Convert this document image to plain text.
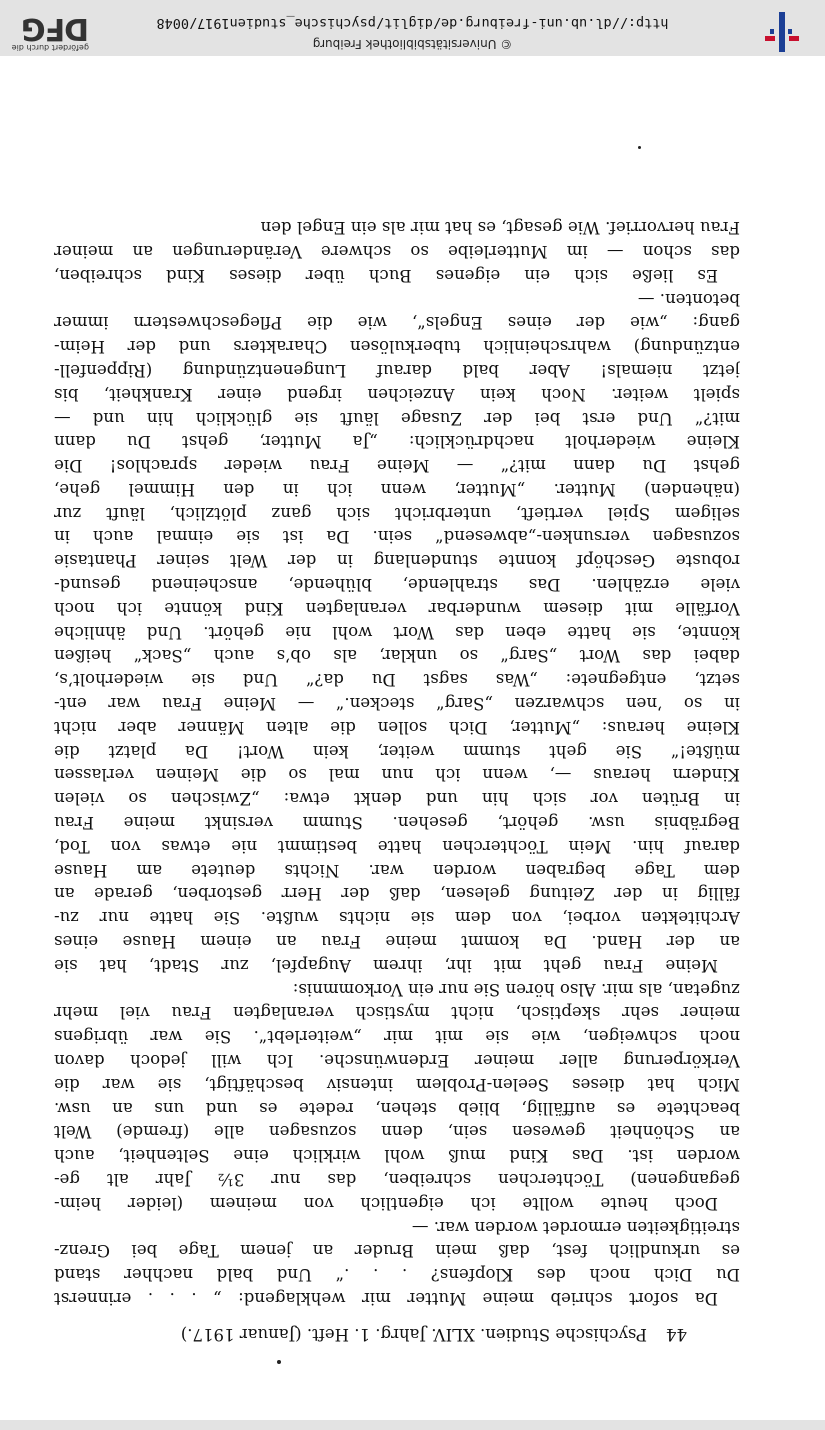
44
Psychische Studien. XLIV. Jahrg. 1. Heft. (Januar 1917.)
Da sofort schrieb meine Mutter mir wehklagend: „ . . . erinnerst
Du Dich noch des Klopfens? . . .“ Und bald nachher stand
es urkundlich fest, daß mein Bruder an jenem Tage bei Grenz-
streitigkeiten ermordet worden war. —
Doch heute wollte ich eigentlich von meinem (leider heim-
gegangenen) Töchterchen schreiben, das nur 3½ Jahr alt ge-
worden ist. Das Kind muß wohl wirklich eine Seltenheit, auch
an Schönheit gewesen sein, denn sozusagen alle (fremde) Welt
beachtete es auffällig, blieb stehen, redete es und uns an usw.
Mich hat dieses Seelen-Problem intensiv beschäftigt, sie war die
Verkörperung aller meiner Erdenwünsche. Ich will jedoch davon
noch schweigen, wie sie mit mir „weiterlebt“. Sie war übrigens
meiner sehr skeptisch, nicht mystisch veranlagten Frau viel mehr
zugetan, als mir. Also hören Sie nur ein Vorkommnis:
Meine Frau geht mit ihr, ihrem Augapfel, zur Stadt, hat sie
an der Hand. Da kommt meine Frau an einem Hause eines
Architekten vorbei, von dem sie nichts wußte. Sie hatte nur zu-
fällig in der Zeitung gelesen, daß der Herr gestorben, gerade an
dem Tage begraben worden war. Nichts deutete am Hause
darauf hin. Mein Töchterchen hatte bestimmt nie etwas von Tod,
Begräbnis usw. gehört, gesehen. Stumm versinkt meine Frau
in Brüten vor sich hin und denkt etwa: „Zwischen so vielen
Kindern heraus —, wenn ich nun mal so die Meinen verlassen
müßte!“ Sie geht stumm weiter, kein Wort! Da platzt die
Kleine heraus: „Mutter, Dich sollen die alten Männer aber nicht
in so ’nen schwarzen „Sarg“ stecken.“ — Meine Frau war ent-
setzt, entgegnete: „Was sagst Du da?“ Und sie wiederholt’s,
dabei das Wort „Sarg“ so unklar, als ob’s auch „Sack“ heißen
könnte, sie hatte eben das Wort wohl nie gehört. Und ähnliche
Vorfälle mit diesem wunderbar veranlagten Kind könnte ich noch
viele erzählen. Das strahlende, blühende, anscheinend gesund-
robuste Geschöpf konnte stundenlang in der Welt seiner Phantasie
sozusagen versunken-„abwesend“ sein. Da ist sie einmal auch in
seligem Spiel vertieft, unterbricht sich ganz plötzlich, läuft zur
(nähenden) Mutter. „Mutter, wenn ich in den Himmel gehe,
gehst Du dann mit?“ — Meine Frau wieder sprachlos! Die
Kleine wiederholt nachdrücklich: „Ja Mutter, gehst Du dann
mit?“ Und erst bei der Zusage läuft sie glücklich hin und —
spielt weiter. Noch kein Anzeichen irgend einer Krankheit, bis
jetzt niemals! Aber bald darauf Lungenentzündung (Rippenfell-
entzündung) wahrscheinlich tuberkulösen Charakters und der Heim-
gang: „wie der eines Engels“, wie die Pflegeschwestern immer
betonten. —
Es ließe sich ein eigenes Buch über dieses Kind schreiben,
das schon — im Mutterleibe so schwere Veränderungen an meiner
Frau hervorrief. Wie gesagt, es hat mir als ein Engel den
© Universitätsbibliothek Freiburg
http://dl.ub.uni-freiburg.de/diglit/psychische_studien1917/0048
gefördert durch die
DFG
